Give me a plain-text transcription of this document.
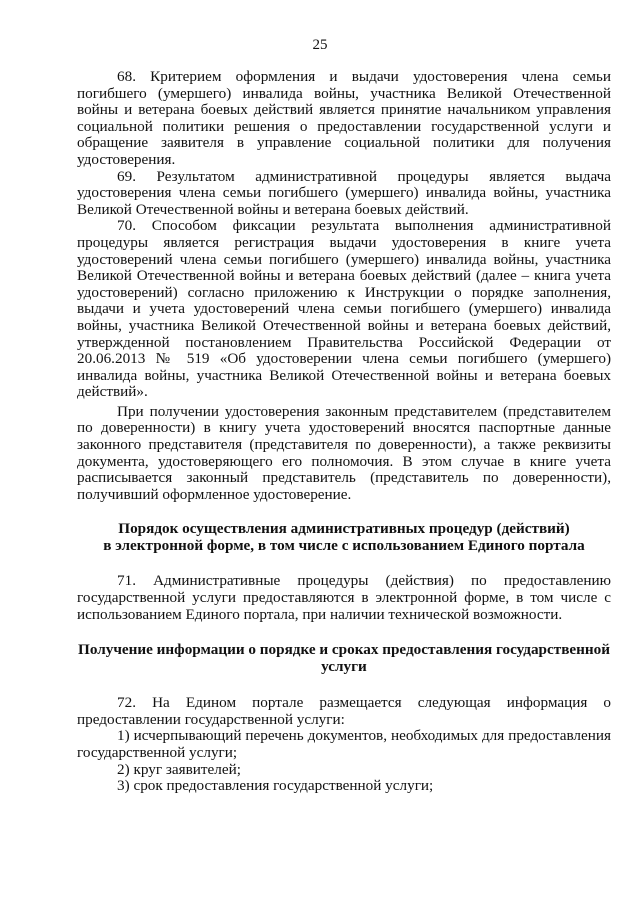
25

68. Критерием оформления и выдачи удостоверения члена семьи погибшего (умершего) инвалида войны, участника Великой Отечественной войны и ветерана боевых действий является принятие начальником управления социальной политики решения о предоставлении государственной услуги и обращение заявителя в управление социальной политики для получения удостоверения.

69. Результатом административной процедуры является выдача удостоверения члена семьи погибшего (умершего) инвалида войны, участника Великой Отечественной войны и ветерана боевых действий.

70. Способом фиксации результата выполнения административной процедуры является регистрация выдачи удостоверения в книге учета удостоверений члена семьи погибшего (умершего) инвалида войны, участника Великой Отечественной войны и ветерана боевых действий (далее – книга учета удостоверений) согласно приложению к Инструкции о порядке заполнения, выдачи и учета удостоверений члена семьи погибшего (умершего) инвалида войны, участника Великой Отечественной войны и ветерана боевых действий, утвержденной постановлением Правительства Российской Федерации от 20.06.2013 № 519 «Об удостоверении члена семьи погибшего (умершего) инвалида войны, участника Великой Отечественной войны и ветерана боевых действий».

При получении удостоверения законным представителем (представителем по доверенности) в книгу учета удостоверений вносятся паспортные данные законного представителя (представителя по доверенности), а также реквизиты документа, удостоверяющего его полномочия. В этом случае в книге учета расписывается законный представитель (представитель по доверенности), получивший оформленное удостоверение.

Порядок осуществления административных процедур (действий)
в электронной форме, в том числе с использованием Единого портала

71. Административные процедуры (действия) по предоставлению государственной услуги предоставляются в электронной форме, в том числе с использованием Единого портала, при наличии технической возможности.

Получение информации о порядке и сроках предоставления государственной услуги

72. На Едином портале размещается следующая информация о предоставлении государственной услуги:

1) исчерпывающий перечень документов, необходимых для предоставления государственной услуги;

2) круг заявителей;

3) срок предоставления государственной услуги;
